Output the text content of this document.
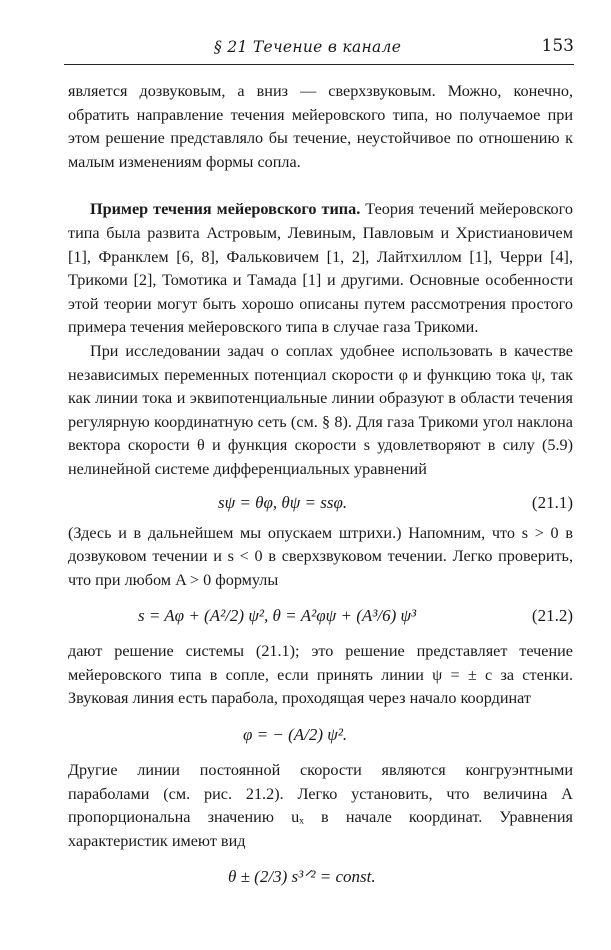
§ 21 Течение в канале	153

является дозвуковым, а вниз — сверхзвуковым. Можно, конечно, обратить направление течения мейеровского типа, но получаемое при этом решение представляло бы течение, неустойчивое по отношению к малым изменениям формы сопла.

Пример течения мейеровского типа. Теория течений мейеровского типа была развита Астровым, Левиным, Павловым и Христиановичем [1], Франклем [6, 8], Фальковичем [1, 2], Лайтхиллом [1], Черри [4], Трикоми [2], Томотика и Тамада [1] и другими. Основные особенности этой теории могут быть хорошо описаны путем рассмотрения простого примера течения мейеровского типа в случае газа Трикоми.

При исследовании задач о соплах удобнее использовать в качестве независимых переменных потенциал скорости φ и функцию тока ψ, так как линии тока и эквипотенциальные линии образуют в области течения регулярную координатную сеть (см. § 8). Для газа Трикоми угол наклона вектора скорости θ и функция скорости s удовлетворяют в силу (5.9) нелинейной системе дифференциальных уравнений

sψ = θφ, θψ = ssφ.	(21.1)

(Здесь и в дальнейшем мы опускаем штрихи.) Напомним, что s > 0 в дозвуковом течении и s < 0 в сверхзвуковом течении. Легко проверить, что при любом A > 0 формулы

s = Aφ + (A²/2) ψ², θ = A²φψ + (A³/6) ψ³	(21.2)

дают решение системы (21.1); это решение представляет течение мейеровского типа в сопле, если принять линии ψ = ± c за стенки. Звуковая линия есть парабола, проходящая через начало координат

φ = − (A/2) ψ².

Другие линии постоянной скорости являются конгруэнтными параболами (см. рис. 21.2). Легко установить, что величина A пропорциональна значению uₓ в начале координат. Уравнения характеристик имеют вид

θ ± (2/3) s³ᐟ² = const.
